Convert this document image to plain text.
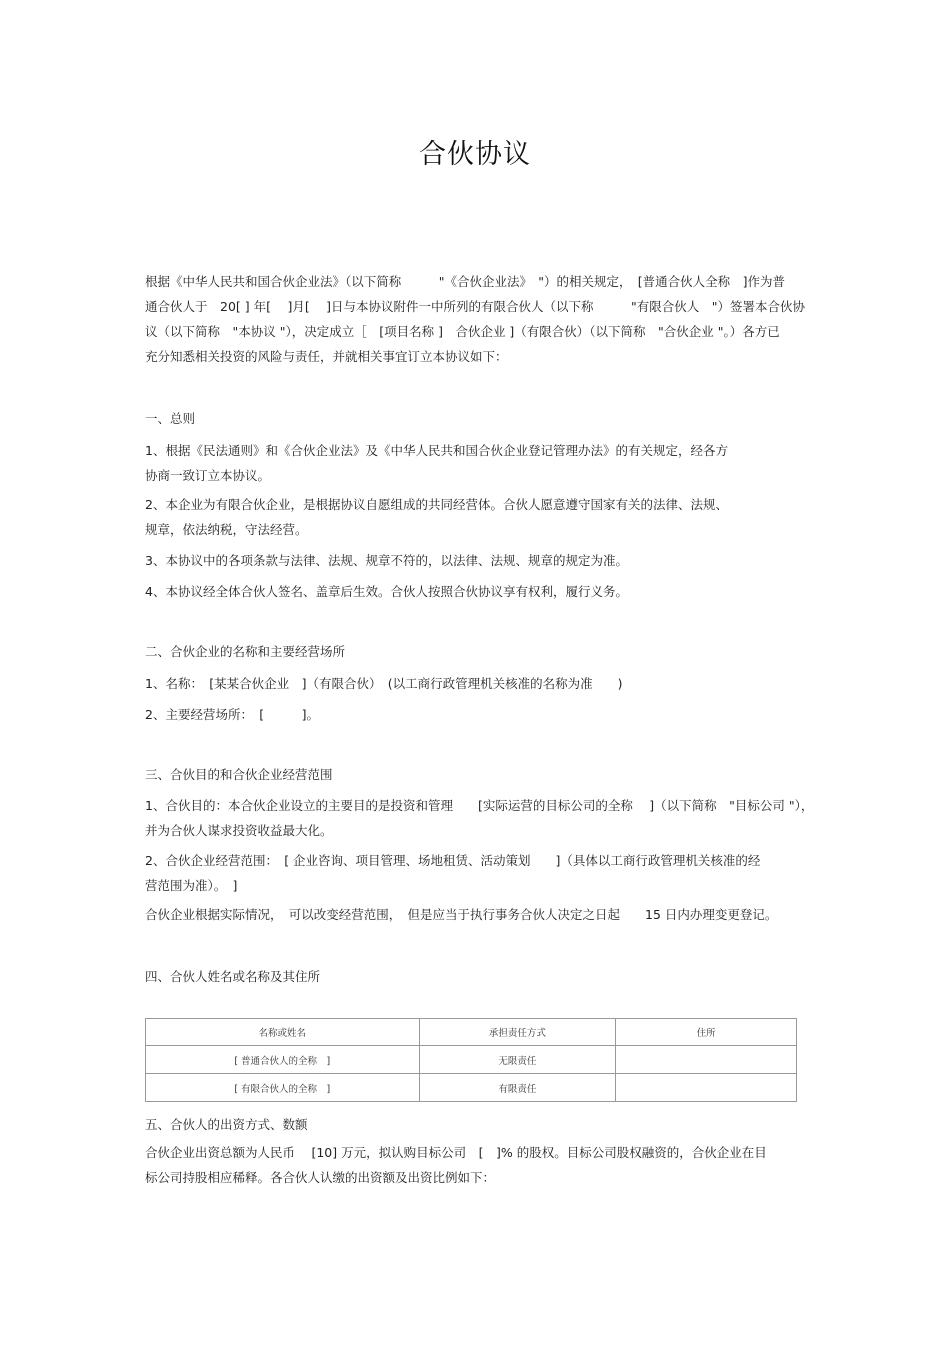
合伙协议
根据《中华人民共和国合伙企业法》（以下简称　　　"《合伙企业法》　"）的相关规定，　[普通合伙人全称　]作为普
通合伙人于　20[ ] 年[　 ]月[　 ]日与本协议附件一中所列的有限合伙人（以下称　　　"有限合伙人　"）签署本合伙协
议（以下简称　"本协议 "），决定成立［　[项目名称 ]　合伙企业 ]（有限合伙）（以下简称　"合伙企业 "。）各方已
充分知悉相关投资的风险与责任，并就相关事宜订立本协议如下：
一、总则
1、根据《民法通则》和《合伙企业法》及《中华人民共和国合伙企业登记管理办法》的有关规定，经各方
协商一致订立本协议。
2、本企业为有限合伙企业，是根据协议自愿组成的共同经营体。合伙人愿意遵守国家有关的法律、法规、
规章，依法纳税，守法经营。
3、本协议中的各项条款与法律、法规、规章不符的，以法律、法规、规章的规定为准。
4、本协议经全体合伙人签名、盖章后生效。合伙人按照合伙协议享有权利，履行义务。
二、合伙企业的名称和主要经营场所
1、名称：　[某某合伙企业　]（有限合伙）　(以工商行政管理机关核准的名称为准　　)
2、主要经营场所：　[　　　]。
三、合伙目的和合伙企业经营范围
1、合伙目的：本合伙企业设立的主要目的是投资和管理　　[实际运营的目标公司的全称　 ]（以下简称　"目标公司 "），
并为合伙人谋求投资收益最大化。
2、合伙企业经营范围：　[ 企业咨询、项目管理、场地租赁、活动策划　　]（具体以工商行政管理机关核准的经
营范围为准）。　]
合伙企业根据实际情况，　可以改变经营范围，　但是应当于执行事务合伙人决定之日起　　15 日内办理变更登记。
四、合伙人姓名或名称及其住所
名称或姓名	承担责任方式	住所
[ 普通合伙人的全称　]	无限责任	
[ 有限合伙人的全称　]	有限责任	
五、合伙人的出资方式、数额
合伙企业出资总额为人民币　 [10] 万元，拟认购目标公司　[　]% 的股权。目标公司股权融资的，合伙企业在目
标公司持股相应稀释。各合伙人认缴的出资额及出资比例如下：
